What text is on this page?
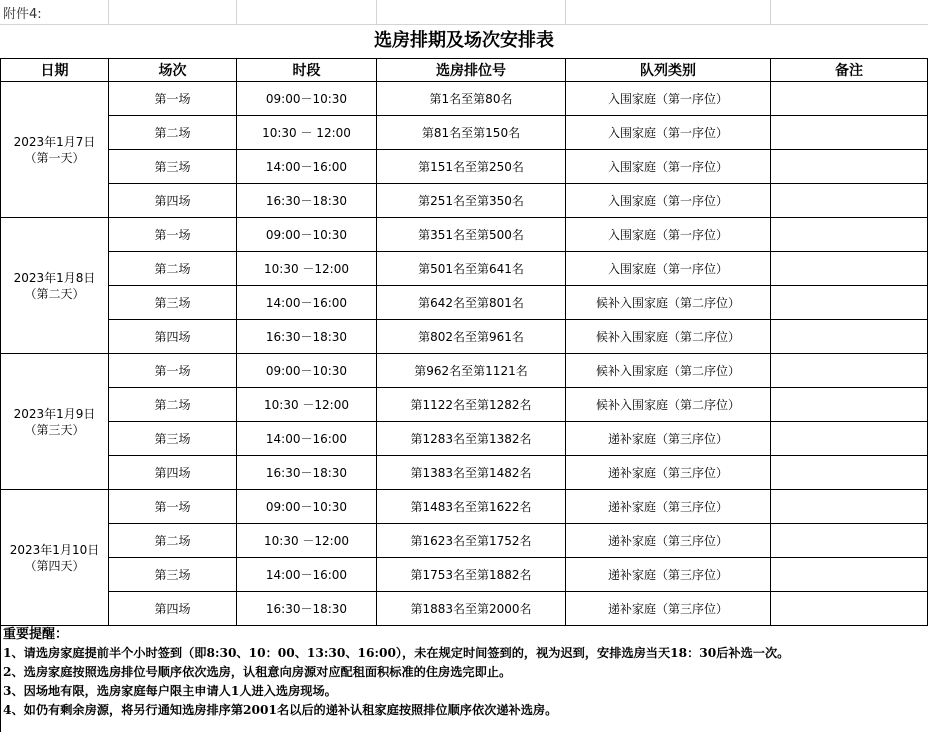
附件4:
选房排期及场次安排表
日期	场次	时段	选房排位号	队列类别	备注

2023年1月7日
（第一天）	第一场	09:00－10:30	第1名至第80名	入围家庭（第一序位）	
	第二场	10:30 － 12:00	第81名至第150名	入围家庭（第一序位）	
	第三场	14:00－16:00	第151名至第250名	入围家庭（第一序位）	
	第四场	16:30－18:30	第251名至第350名	入围家庭（第一序位）	

2023年1月8日
（第二天）	第一场	09:00－10:30	第351名至第500名	入围家庭（第一序位）	
	第二场	10:30 －12:00	第501名至第641名	入围家庭（第一序位）	
	第三场	14:00－16:00	第642名至第801名	候补入围家庭（第二序位）	
	第四场	16:30－18:30	第802名至第961名	候补入围家庭（第二序位）	

2023年1月9日
（第三天）	第一场	09:00－10:30	第962名至第1121名	候补入围家庭（第二序位）	
	第二场	10:30 －12:00	第1122名至第1282名	候补入围家庭（第二序位）	
	第三场	14:00－16:00	第1283名至第1382名	递补家庭（第三序位）	
	第四场	16:30－18:30	第1383名至第1482名	递补家庭（第三序位）	

2023年1月10日
（第四天）	第一场	09:00－10:30	第1483名至第1622名	递补家庭（第三序位）	
	第二场	10:30 －12:00	第1623名至第1752名	递补家庭（第三序位）	
	第三场	14:00－16:00	第1753名至第1882名	递补家庭（第三序位）	
	第四场	16:30－18:30	第1883名至第2000名	递补家庭（第三序位）	
重要提醒：
1、请选房家庭提前半个小时签到（即8:30、10：00、13:30、16:00），未在规定时间签到的，视为迟到，安排选房当天18：30后补选一次。
2、选房家庭按照选房排位号顺序依次选房，认租意向房源对应配租面积标准的住房选完即止。
3、因场地有限，选房家庭每户限主申请人1人进入选房现场。
4、如仍有剩余房源，将另行通知选房排序第2001名以后的递补认租家庭按照排位顺序依次递补选房。
